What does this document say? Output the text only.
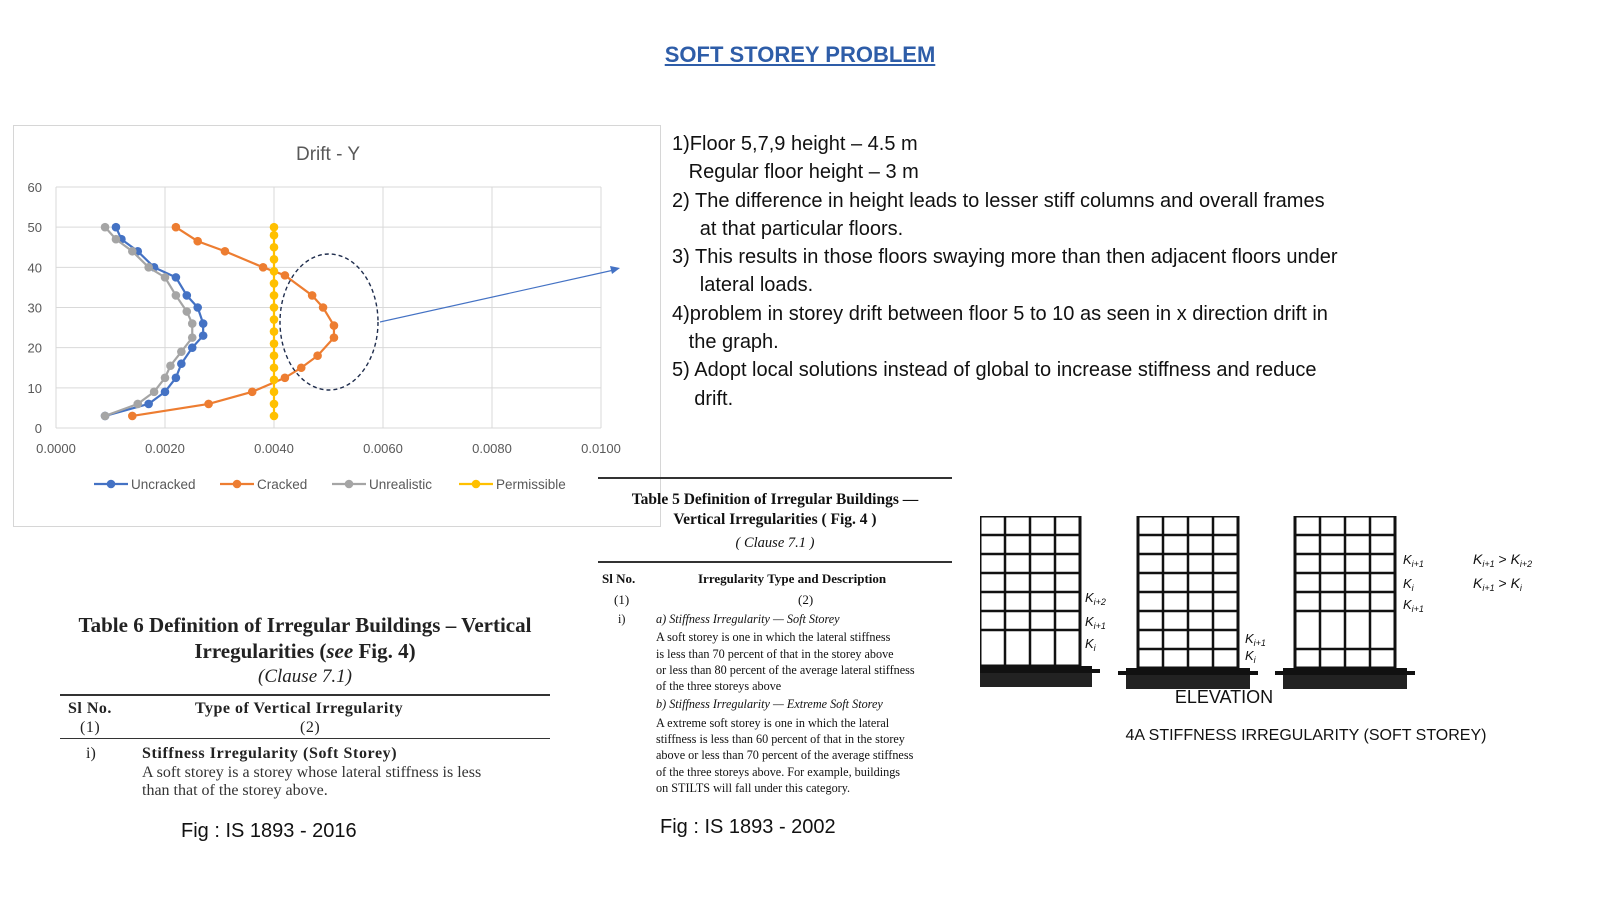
SOFT STOREY PROBLEM
Drift - Y
0
10
20
30
40
50
60
0.0000	0.0020	0.0040	0.0060	0.0080	0.0100
Uncracked	Cracked	Unrealistic	Permissible
1)Floor 5,7,9 height – 4.5 m
Regular floor height – 3 m
2) The difference in height leads to lesser stiff columns and overall frames
at that particular floors.
3) This results in those floors swaying more than then adjacent floors under
lateral loads.
4)problem in storey drift between floor 5 to 10 as seen in x direction drift in
the graph.
5) Adopt local solutions instead of global to increase stiffness and reduce
drift.
Table 6 Definition of Irregular Buildings – Vertical
Irregularities (see Fig. 4)
(Clause 7.1)
Sl No.	Type of Vertical Irregularity
(1)	(2)
i)	Stiffness Irregularity (Soft Storey)
A soft storey is a storey whose lateral stiffness is less
than that of the storey above.
Fig : IS 1893 - 2016
Table 5 Definition of Irregular Buildings —
Vertical Irregularities ( Fig. 4 )
( Clause 7.1 )
Sl No.	Irregularity Type and Description
(1)	(2)
i)	a) Stiffness Irregularity — Soft Storey
A soft storey is one in which the lateral stiffness
is less than 70 percent of that in the storey above
or less than 80 percent of the average lateral stiffness
of the three storeys above
b) Stiffness Irregularity — Extreme Soft Storey
A extreme soft storey is one in which the lateral
stiffness is less than 60 percent of that in the storey
above or less than 70 percent of the average stiffness
of the three storeys above. For example, buildings
on STILTS will fall under this category.
Fig : IS 1893 - 2002
$K_{i+2}$
$K_{i+1}$
$K_i$
$K_{i+1}$
$K_i$
$K_{i+1}$
$K_i$
$K_{i+1}$
$K_{i+1} > K_{i+2}$
$K_{i+1} > K_i$
ELEVATION
4A STIFFNESS IRREGULARITY (SOFT STOREY)
